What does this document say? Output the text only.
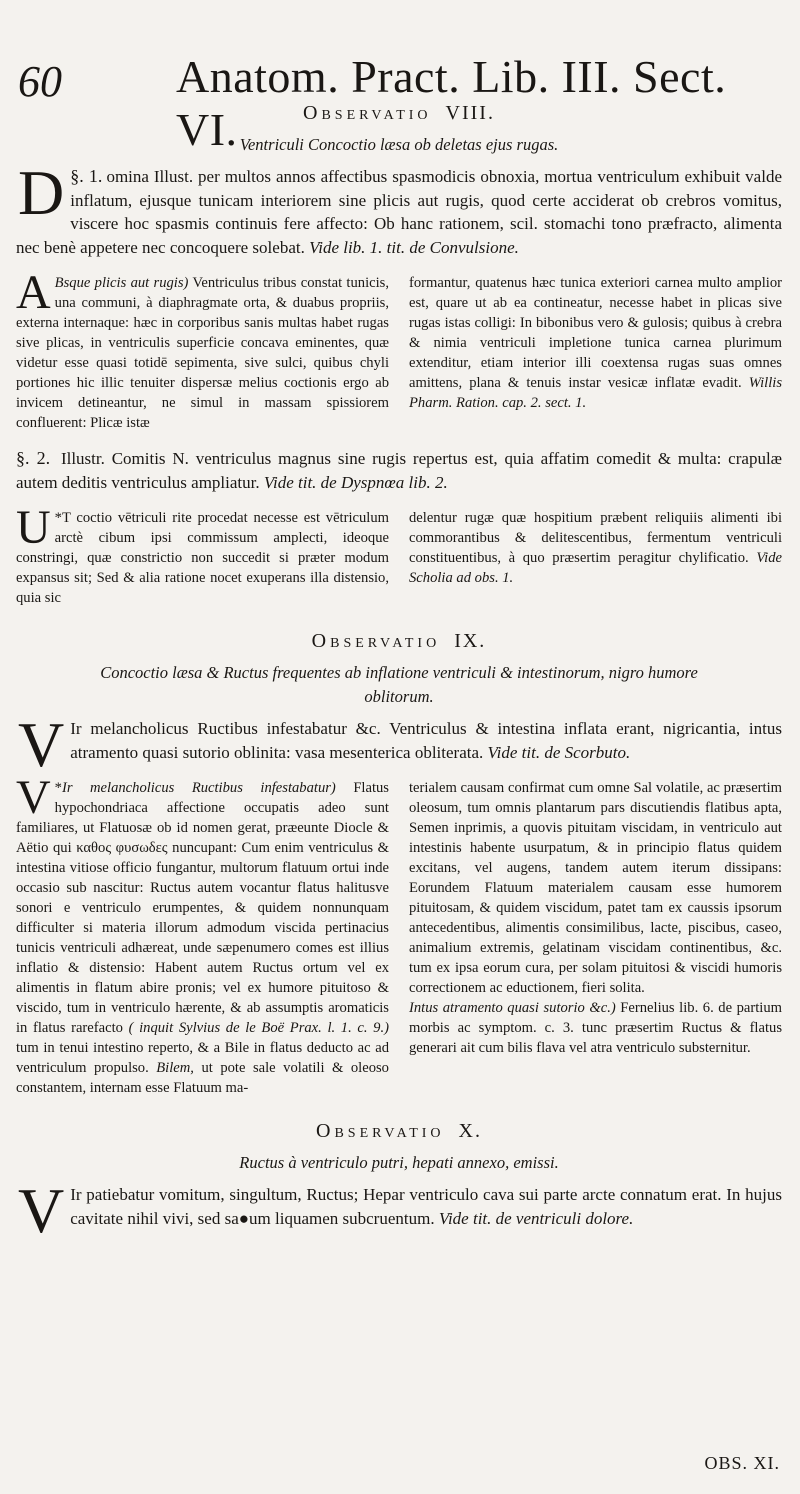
60 Anatom. Pract. Lib. III. Sect. VI.	Observatio VIII.

Ventriculi Concoctio læsa ob deletas ejus rugas.

§. 1.
D omina Illust. per multos annos affectibus spasmodicis obnoxia, mortua ventriculum exhibuit valde inflatum, ejusque tunicam interiorem sine plicis aut rugis, quod certe acciderat ob crebros vomitus, viscere hoc spasmis continuis fere affecto: Ob hanc rationem, scil. stomachi tono præfracto, alimenta nec benè appetere nec concoquere solebat. Vide lib. 1. tit. de Convulsione.

A Bsque plicis aut rugis) Ventriculus tribus constat tunicis, una communi, à diaphragmate orta, & duabus propriis, externa internaque: hæc in corporibus sanis multas habet rugas sive plicas, in ventriculis superficie concava eminentes, quæ videtur esse quasi totidē sepimenta, sive sulci, quibus chyli portiones hic illic tenuiter dispersæ melius coctionis ergo ab invicem detineantur, ne simul in massam spissiorem confluerent: Plicæ istæ

formantur, quatenus hæc tunica exteriori carnea multo amplior est, quare ut ab ea contineatur, necesse habet in plicas sive rugas istas colligi: In bibonibus vero & gulosis; quibus à crebra & nimia ventriculi impletione tunica carnea plurimum extenditur, etiam interior illi coextensa rugas suas omnes amittens, plana & tenuis instar vesicæ inflatæ evadit. Willis Pharm. Ration. cap. 2. sect. 1.

§. 2. Illustr. Comitis N. ventriculus magnus sine rugis repertus est, quia affatim comedit & multa: crapulæ autem deditis ventriculus ampliatur. Vide tit. de Dyspnœa lib. 2.

*
U T coctio vētriculi rite procedat necesse est vētriculum arctè cibum ipsi commissum amplecti, ideoque constringi, quæ constrictio non succedit si præter modum expansus sit; Sed & alia ratione nocet exuperans illa distensio, quia sic

delentur rugæ quæ hospitium præbent reliquiis alimenti ibi commorantibus & delitescentibus, fermentum ventriculi constituentibus, à quo præsertim peragitur chylificatio. Vide Scholia ad obs. 1.

Observatio IX.

Concoctio læsa & Ructus frequentes ab inflatione ventriculi & intestinorum, nigro humore oblitorum.

V Ir melancholicus Ructibus infestabatur &c. Ventriculus & intestina inflata erant, nigricantia, intus atramento quasi sutorio oblinita: vasa mesenterica obliterata. Vide tit. de Scorbuto.

*
V Ir melancholicus Ructibus infestabatur) Flatus hypochondriaca affectione occupatis adeo sunt familiares, ut Flatuosæ ob id nomen gerat, præeunte Diocle & Aëtio qui καθος φυσωδες nuncupant: Cum enim ventriculus & intestina vitiose officio fungantur, multorum flatuum ortui inde occasio sub nascitur: Ructus autem vocantur flatus halitusve sonori e ventriculo erumpentes, & quidem nonnunquam difficulter si materia illorum admodum viscida pertinacius tunicis ventriculi adhæreat, unde sæpenumero comes est illius inflatio & distensio: Habent autem Ructus ortum vel ex alimentis in flatum abire pronis; vel ex humore pituitoso & viscido, tum in ventriculo hærente, & ab assumptis aromaticis in flatus rarefacto ( inquit Sylvius de le Boë Prax. l. 1. c. 9.) tum in tenui intestino reperto, & a Bile in flatus deducto ac ad ventriculum propulso. Bilem, ut pote sale volatili & oleoso constantem, internam esse Flatuum ma-

terialem causam confirmat cum omne Sal volatile, ac præsertim oleosum, tum omnis plantarum pars discutiendis flatibus apta, Semen inprimis, a quovis pituitam viscidam, in ventriculo aut intestinis habente usurpatum, & in principio flatus quidem excitans, vel augens, tandem autem iterum dissipans: Eorundem Flatuum materialem causam esse humorem pituitosam, & quidem viscidum, patet tam ex caussis ipsorum antecedentibus, alimentis consimilibus, lacte, piscibus, caseo, animalium extremis, gelatinam viscidam continentibus, &c. tum ex ipsa eorum cura, per solam pituitosi & viscidi humoris correctionem ac eductionem, fieri solita.
Intus atramento quasi sutorio &c.) Fernelius lib. 6. de partium morbis ac symptom. c. 3. tunc præsertim Ructus & flatus generari ait cum bilis flava vel atra ventriculo substernitur.

Observatio X.

Ructus à ventriculo putri, hepati annexo, emissi.

V Ir patiebatur vomitum, singultum, Ructus; Hepar ventriculo cava sui parte arcte connatum erat. In hujus cavitate nihil vivi, sed sa●um liquamen subcruentum. Vide tit. de ventriculi dolore.

OBS. XI.
